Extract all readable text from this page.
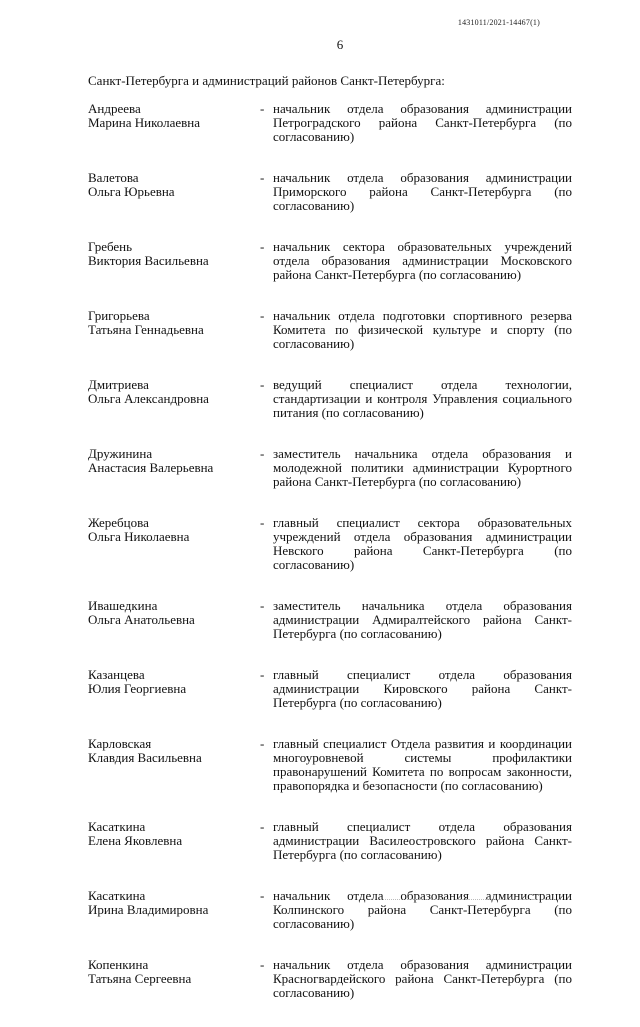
1431011/2021-14467(1)
6
Санкт-Петербурга и администраций районов Санкт-Петербурга:
Андреева
Марина Николаевна
- начальник отдела образования администрации Петроградского района Санкт-Петербурга (по согласованию)
Валетова
Ольга Юрьевна
- начальник отдела образования администрации Приморского района Санкт-Петербурга (по согласованию)
Гребень
Виктория Васильевна
- начальник сектора образовательных учреждений отдела образования администрации Московского района Санкт-Петербурга (по согласованию)
Григорьева
Татьяна Геннадьевна
- начальник отдела подготовки спортивного резерва Комитета по физической культуре и спорту (по согласованию)
Дмитриева
Ольга Александровна
- ведущий специалист отдела технологии, стандартизации и контроля Управления социального питания (по согласованию)
Дружинина
Анастасия Валерьевна
- заместитель начальника отдела образования и молодежной политики администрации Курортного района Санкт-Петербурга (по согласованию)
Жеребцова
Ольга Николаевна
- главный специалист сектора образовательных учреждений отдела образования администрации Невского района Санкт-Петербурга (по согласованию)
Ивашедкина
Ольга Анатольевна
- заместитель начальника отдела образования администрации Адмиралтейского района Санкт-Петербурга (по согласованию)
Казанцева
Юлия Георгиевна
- главный специалист отдела образования администрации Кировского района Санкт-Петербурга (по согласованию)
Карловская
Клавдия Васильевна
- главный специалист Отдела развития и координации многоуровневой системы профилактики правонарушений Комитета по вопросам законности, правопорядка и безопасности (по согласованию)
Касаткина
Елена Яковлевна
- главный специалист отдела образования администрации Василеостровского района Санкт-Петербурга (по согласованию)
Касаткина
Ирина Владимировна
- начальник отдела образования администрации Колпинского района Санкт-Петербурга (по согласованию)
Копенкина
Татьяна Сергеевна
- начальник отдела образования администрации Красногвардейского района Санкт-Петербурга (по согласованию)
